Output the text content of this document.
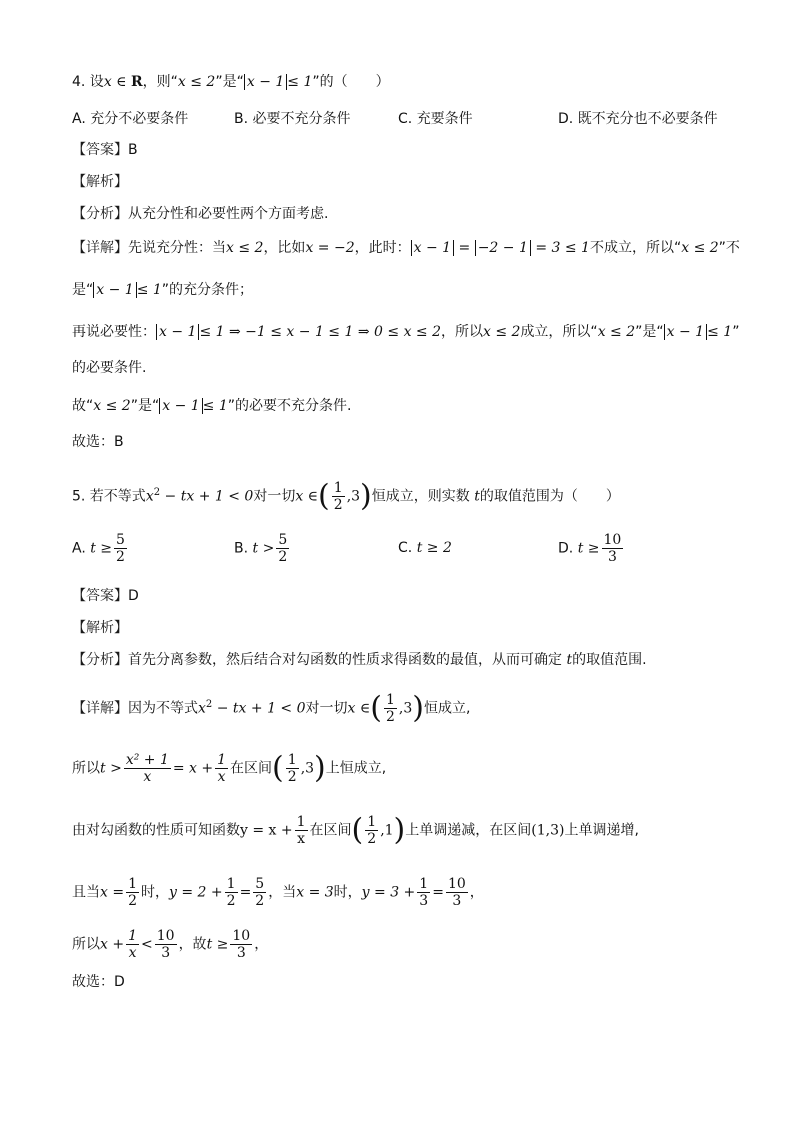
4. 设x ∈ R，则“x ≤ 2”是“ x − 1 ≤ 1”的（　　）
A. 充分不必要条件	B. 必要不充分条件	C. 充要条件	D. 既不充分也不必要条件
【答案】B
【解析】
【分析】从充分性和必要性两个方面考虑.
【详解】先说充分性：当x ≤ 2，比如x = −2，此时： x − 1 = −2 − 1 = 3 ≤ 1不成立，所以“x ≤ 2”不
是“ x − 1 ≤ 1”的充分条件；
再说必要性： x − 1 ≤ 1 ⇒ −1 ≤ x − 1 ≤ 1 ⇒ 0 ≤ x ≤ 2，所以x ≤ 2成立，所以“x ≤ 2”是“ x − 1 ≤ 1”
的必要条件.
故“x ≤ 2”是“ x − 1 ≤ 1”的必要不充分条件.
故选：B
5. 若不等式$x^2$ − tx + 1 < 0对一切x ∈( $\frac{1}{2} ,3$)恒成立，则实数 t的取值范围为（　　）
A. $t \ge \frac{5}{2}$	B. $t > \frac{5}{2}$	C. t ≥ 2	D. $t \ge \frac{10}{3}$
【答案】D
【解析】
【分析】首先分离参数，然后结合对勾函数的性质求得函数的最值，从而可确定 t的取值范围.
【详解】因为不等式$x^2$ − tx + 1 < 0对一切x ∈( $\frac{1}{2} ,3$)恒成立,
所以$t > \frac{\text{x² + 1}}{x} = x + \frac{1}{x}$ 在区间( $\frac{1}{2} ,3$)上恒成立,
由对勾函数的性质可知函数$y = x + \frac{1}{x}$ 在区间( $\frac{1}{2} ,1$)上单调递减，在区间(1,3)上单调递增,
且当$x = \frac{1}{2}$ 时，$y = 2 + \frac{1}{2} = \frac{5}{2}$ ，当x = 3时，$y = 3 + \frac{1}{3} = \frac{10}{3}$ ，
所以$x + \frac{1}{x} < \frac{10}{3}$ ，故$t \ge \frac{10}{3}$ ，
故选：D
